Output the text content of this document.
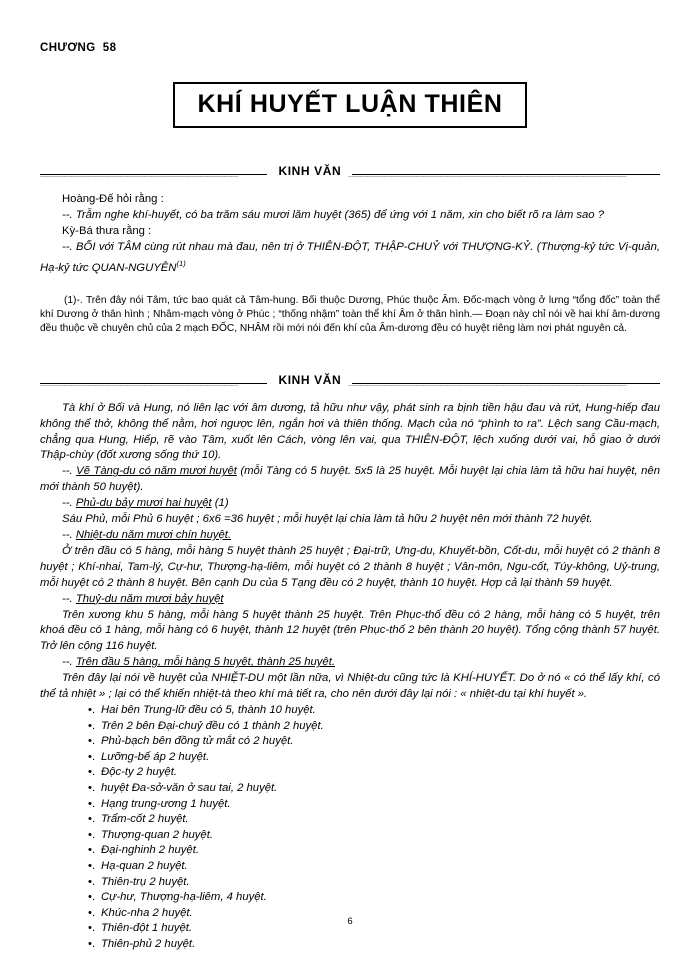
CHƯƠNG  58
KHÍ HUYẾT LUẬN THIÊN
________________________________	KINH VĂN _____________________________________________

Hoàng-Đế hỏi rằng :

--. Trẫm nghe khí-huyết, có ba trăm sáu mươi lăm huyệt (365) để ứng với 1 năm, xin cho biết rõ ra làm sao ?

Kỳ-Bá thưa rằng :

--. BỐI với TÂM cùng rút nhau mà đau, nên trị ở THIÊN-ĐỘT, THẬP-CHUỶ với THƯỢNG-KỶ. (Thượng-kỷ tức Vị-quản, Hạ-kỷ tức QUAN-NGUYÊN$^{(1)}$

(1)-. Trên đây nói Tâm, tức bao quát cả Tâm-hung. Bối thuộc Dương, Phúc thuộc Âm. Đốc-mạch vòng ở lưng “tổng đốc” toàn thể khí Dương ở thân hình ; Nhâm-mạch vòng ở Phúc ; “thống nhậm” toàn thể khí Âm ở thân hình.— Đoạn này chỉ nói về hai khí âm-dương đều thuộc về chuyên chủ của 2 mạch ĐỐC, NHÂM rồi mới nói đến khí của Âm-dương đều có huyệt riêng làm nơi phát nguyên cả.

________________________________	KINH VĂN _____________________________________________

Tà khí ở Bối và Hung, nó liên lạc với âm dương, tả hữu như vậy, phát sinh ra bịnh tiền hậu đau và rứt, Hung-hiếp đau không thể thở, không thể nằm, hơi ngược lên, ngắn hơi và thiên thống. Mạch của nó “phình to ra”. Lệch sang Cầu-mạch, chẳng qua Hung, Hiếp, rẽ vào Tâm, xuốt lên Cách, vòng lên vai, qua THIÊN-ĐỘT, lệch xuống dưới vai, hỗ giao ở dưới Thập-chùy (đốt xương sống thứ 10).

--. Vẽ Tàng-du có năm mươi huyệt (mỗi Tàng có 5 huyệt. 5x5 là 25 huyệt. Mỗi huyệt lại chia làm tả hữu hai huyệt, nên mới thành 50 huyệt).

--. Phủ-du bảy mươi hai huyệt (1)

Sáu Phủ, mỗi Phủ 6 huyệt ; 6x6 =36 huyệt ; mỗi huyệt lại chia làm tả hữu 2 huyệt nên mới thành 72 huyệt.

--. Nhiệt-du năm mươi chín huyệt.

Ở trên đầu có 5 hàng, mỗi hàng 5 huyệt thành 25 huyệt ; Đại-trữ, Ưng-du, Khuyết-bồn, Cốt-du, mỗi huyệt có 2 thành 8 huyệt ; Khí-nhai, Tam-lý, Cự-hư, Thượng-hạ-liêm, mỗi huyệt có 2 thành 8 huyệt ; Vân-môn, Ngu-cốt, Túy-không, Uỷ-trung, mỗi huyệt có 2 thành 8 huyệt. Bên cạnh Du của 5 Tạng đều có 2 huyệt, thành 10 huyệt. Hợp cả lại thành 59 huyệt.

--. Thuỷ-du năm mươi bảy huyệt

Trên xương khu 5 hàng, mỗi hàng 5 huyệt thành 25 huyệt. Trên Phục-thố đều có 2 hàng, mỗi hàng có 5 huyệt, trên khoá đều có 1 hàng, mỗi hàng có 6 huyệt, thành 12 huyệt (trên Phục-thố 2 bên thành 20 huyệt). Tổng cộng thành 57 huyệt. Trở lên cộng 116 huyệt.

--. Trên đầu 5 hàng, mỗi hàng 5 huyệt, thành 25 huyệt.

Trên đây lại nói về huyệt của NHIỆT-DU một lần nữa, vì Nhiệt-du cũng tức là KHÍ-HUYẾT. Do ở nó « có thể lấy khí, có thể tả nhiệt » ; lại có thể khiến nhiệt-tà theo khí mà tiết ra, cho nên dưới đây lại nói : « nhiệt-du tại khí huyết ».

•. Hai bên Trung-lữ đều có 5, thành 10 huyệt.
•. Trên 2 bên Đại-chuỷ đều có 1 thành 2 huyệt.
•. Phủ-bạch bên đồng tử mắt có 2 huyệt.
•. Lưỡng-bế áp 2 huyệt.
•. Độc-ty 2 huyệt.
•. huyệt Đa-sở-văn ở sau tai, 2 huyệt.
•. Hạng trung-ương 1 huyệt.
•. Trẩm-cốt 2 huyệt.
•. Thượng-quan 2 huyệt.
•. Đại-nghinh 2 huyệt.
•. Hạ-quan 2 huyệt.
•. Thiên-trụ 2 huyệt.
•. Cự-hư, Thượng-hạ-liêm, 4 huyệt.
•. Khúc-nha 2 huyệt.
•. Thiên-đột 1 huyệt.
•. Thiên-phủ 2 huyệt.
6
